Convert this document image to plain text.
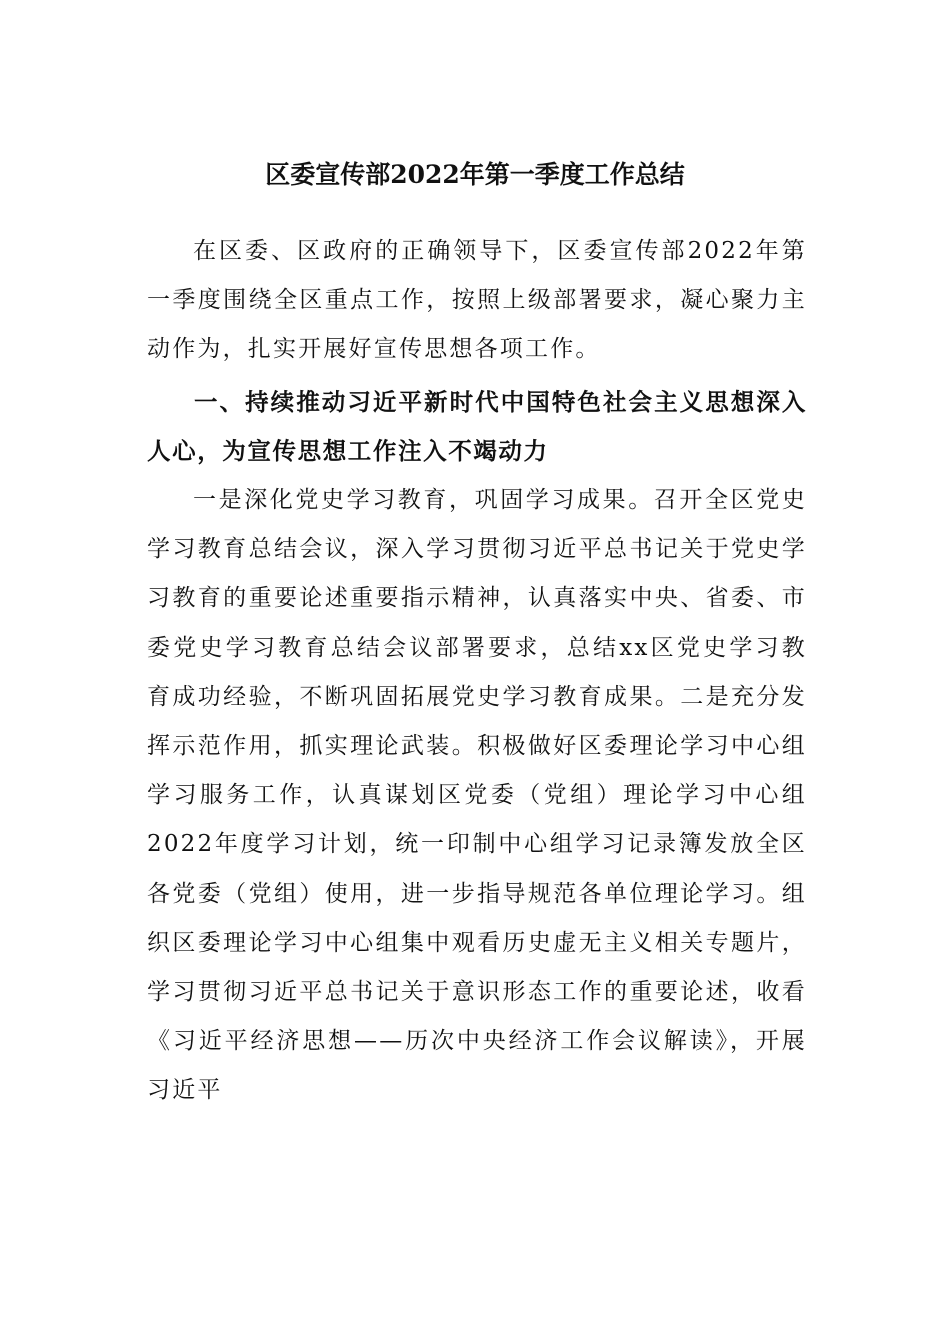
区委宣传部2022年第一季度工作总结
在区委、区政府的正确领导下，区委宣传部2022年第一季度围绕全区重点工作，按照上级部署要求，凝心聚力主动作为，扎实开展好宣传思想各项工作。
一、持续推动习近平新时代中国特色社会主义思想深入人心，为宣传思想工作注入不竭动力
一是深化党史学习教育，巩固学习成果。召开全区党史学习教育总结会议，深入学习贯彻习近平总书记关于党史学习教育的重要论述重要指示精神，认真落实中央、省委、市委党史学习教育总结会议部署要求，总结xx区党史学习教育成功经验，不断巩固拓展党史学习教育成果。二是充分发挥示范作用，抓实理论武装。积极做好区委理论学习中心组学习服务工作，认真谋划区党委（党组）理论学习中心组2022年度学习计划，统一印制中心组学习记录簿发放全区各党委（党组）使用，进一步指导规范各单位理论学习。组织区委理论学习中心组集中观看历史虚无主义相关专题片，学习贯彻习近平总书记关于意识形态工作的重要论述，收看《习近平经济思想——历次中央经济工作会议解读》，开展习近平
